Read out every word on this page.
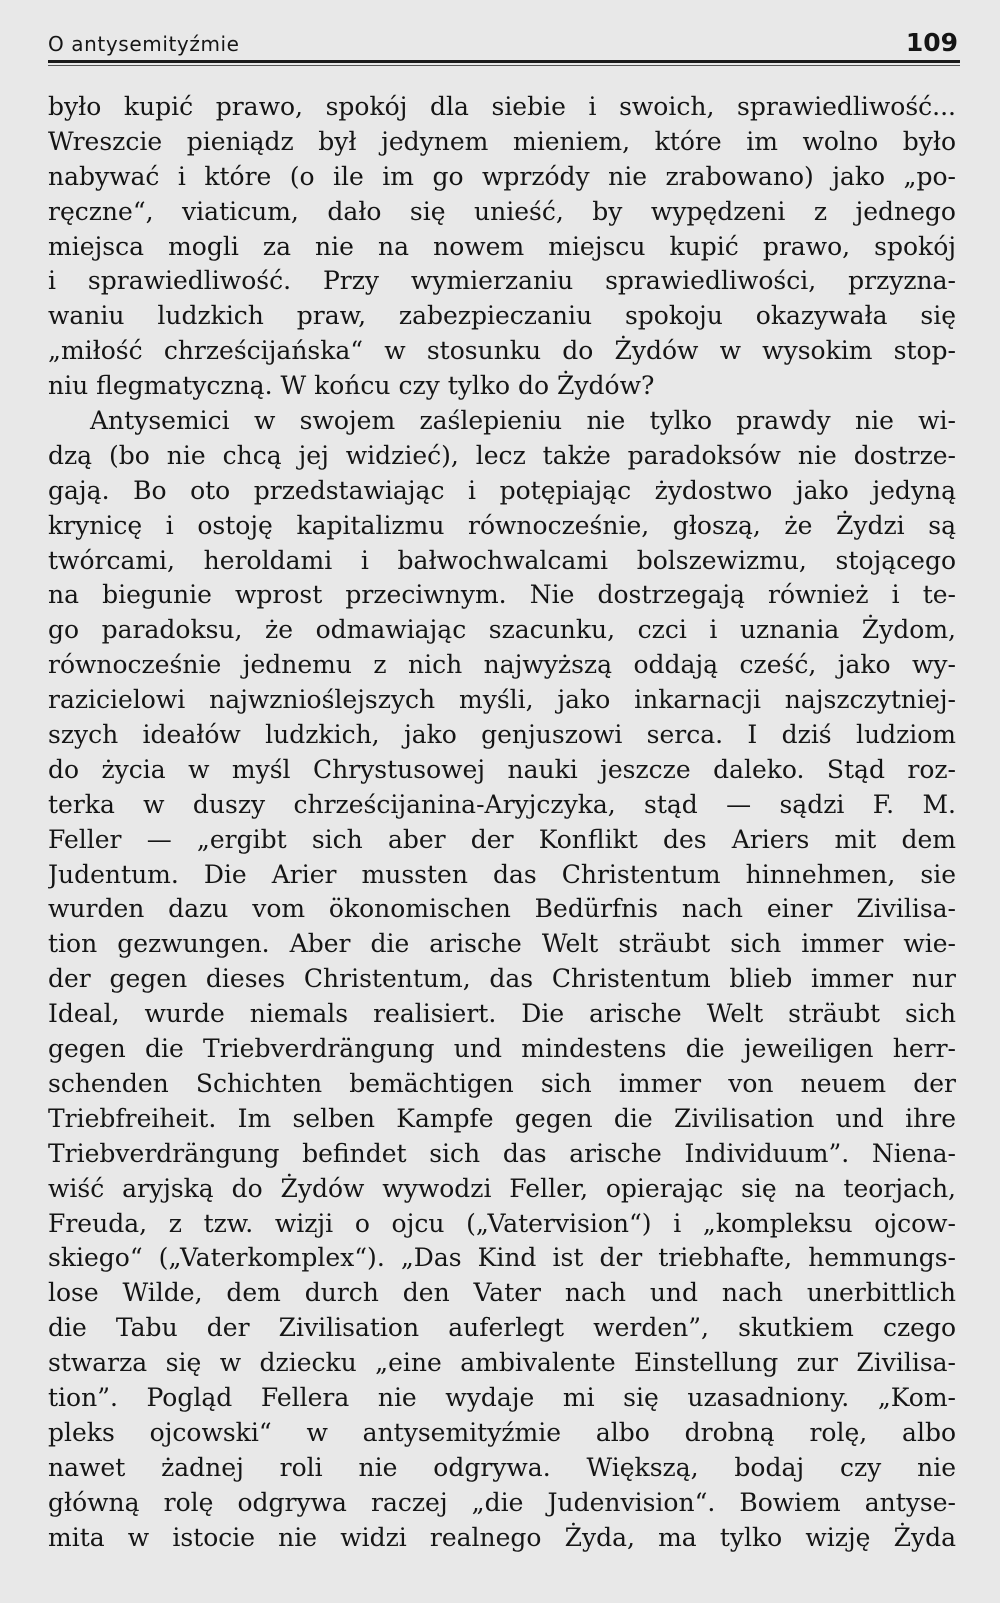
O antysemityźmie	109
było kupić prawo, spokój dla siebie i swoich, sprawiedliwość...
Wreszcie pieniądz był jedynem mieniem, które im wolno było
nabywać i które (o ile im go wprzódy nie zrabowano) jako „po-
ręczne“, viaticum, dało się unieść, by wypędzeni z jednego
miejsca mogli za nie na nowem miejscu kupić prawo, spokój
i sprawiedliwość. Przy wymierzaniu sprawiedliwości, przyzna-
waniu ludzkich praw, zabezpieczaniu spokoju okazywała się
„miłość chrześcijańska“ w stosunku do Żydów w wysokim stop-
niu flegmatyczną. W końcu czy tylko do Żydów?
Antysemici w swojem zaślepieniu nie tylko prawdy nie wi-
dzą (bo nie chcą jej widzieć), lecz także paradoksów nie dostrze-
gają. Bo oto przedstawiając i potępiając żydostwo jako jedyną
krynicę i ostoję kapitalizmu równocześnie, głoszą, że Żydzi są
twórcami, heroldami i bałwochwalcami bolszewizmu, stojącego
na biegunie wprost przeciwnym. Nie dostrzegają również i te-
go paradoksu, że odmawiając szacunku, czci i uznania Żydom,
równocześnie jednemu z nich najwyższą oddają cześć, jako wy-
razicielowi najwznioślejszych myśli, jako inkarnacji najszczytniej-
szych ideałów ludzkich, jako genjuszowi serca. I dziś ludziom
do życia w myśl Chrystusowej nauki jeszcze daleko. Stąd roz-
terka w duszy chrześcijanina-Aryjczyka, stąd — sądzi F. M.
Feller — „ergibt sich aber der Konflikt des Ariers mit dem
Judentum. Die Arier mussten das Christentum hinnehmen, sie
wurden dazu vom ökonomischen Bedürfnis nach einer Zivilisa-
tion gezwungen. Aber die arische Welt sträubt sich immer wie-
der gegen dieses Christentum, das Christentum blieb immer nur
Ideal, wurde niemals realisiert. Die arische Welt sträubt sich
gegen die Triebverdrängung und mindestens die jeweiligen herr-
schenden Schichten bemächtigen sich immer von neuem der
Triebfreiheit. Im selben Kampfe gegen die Zivilisation und ihre
Triebverdrängung befindet sich das arische Individuum”. Niena-
wiść aryjską do Żydów wywodzi Feller, opierając się na teorjach,
Freuda, z tzw. wizji o ojcu („Vatervision“) i „kompleksu ojcow-
skiego“ („Vaterkomplex“). „Das Kind ist der triebhafte, hemmungs-
lose Wilde, dem durch den Vater nach und nach unerbittlich
die Tabu der Zivilisation auferlegt werden”, skutkiem czego
stwarza się w dziecku „eine ambivalente Einstellung zur Zivilisa-
tion”. Pogląd Fellera nie wydaje mi się uzasadniony. „Kom-
pleks ojcowski“ w antysemityźmie albo drobną rolę, albo
nawet żadnej roli nie odgrywa. Większą, bodaj czy nie
główną rolę odgrywa raczej „die Judenvision“. Bowiem antyse-
mita w istocie nie widzi realnego Żyda, ma tylko wizję Żyda
